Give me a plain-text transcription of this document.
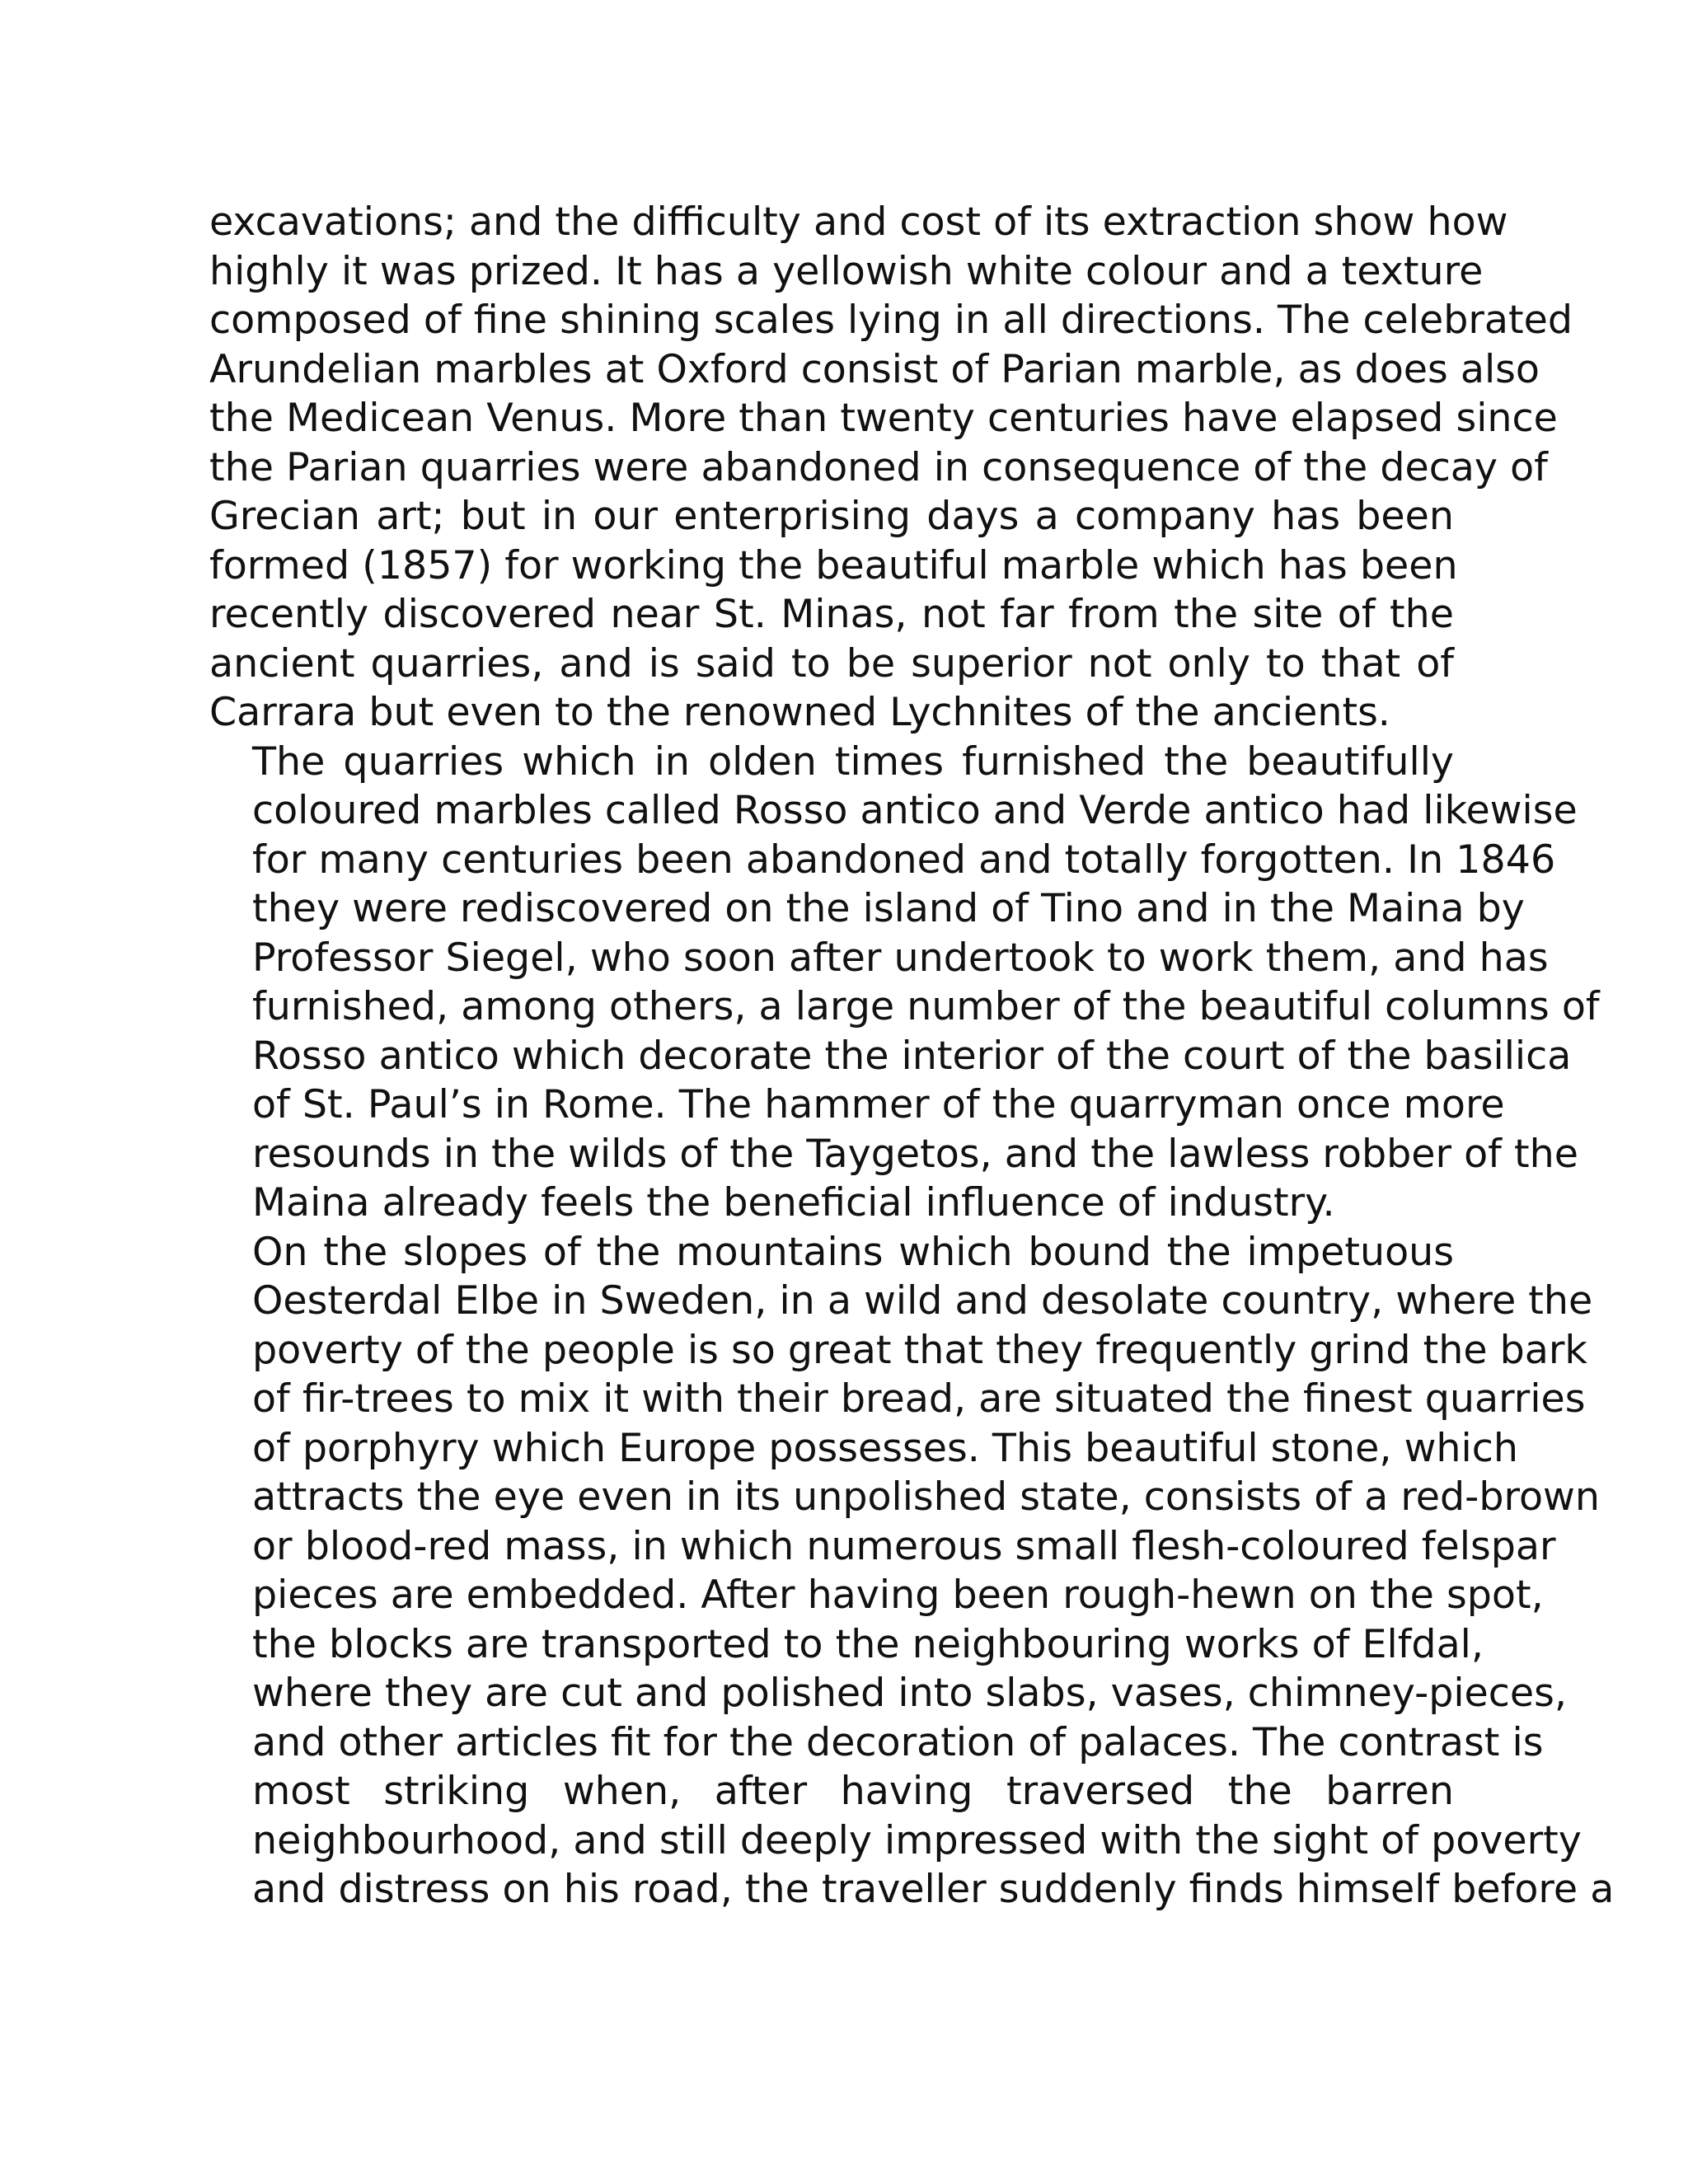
excavations; and the difficulty and cost of its extraction show how
highly it was prized. It has a yellowish white colour and a texture
composed of fine shining scales lying in all directions. The celebrated
Arundelian marbles at Oxford consist of Parian marble, as does also
the Medicean Venus. More than twenty centuries have elapsed since
the Parian quarries were abandoned in consequence of the decay of
Grecian art; but in our enterprising days a company has been
formed (1857) for working the beautiful marble which has been
recently discovered near St. Minas, not far from the site of the
ancient quarries, and is said to be superior not only to that of
Carrara but even to the renowned Lychnites of the ancients.

The quarries which in olden times furnished the beautifully
coloured marbles called Rosso antico and Verde antico had likewise
for many centuries been abandoned and totally forgotten. In 1846
they were rediscovered on the island of Tino and in the Maina by
Professor Siegel, who soon after undertook to work them, and has
furnished, among others, a large number of the beautiful columns of
Rosso antico which decorate the interior of the court of the basilica
of St. Paul’s in Rome. The hammer of the quarryman once more
resounds in the wilds of the Taygetos, and the lawless robber of the
Maina already feels the beneficial influence of industry.

On the slopes of the mountains which bound the impetuous
Oesterdal Elbe in Sweden, in a wild and desolate country, where the
poverty of the people is so great that they frequently grind the bark
of fir-trees to mix it with their bread, are situated the finest quarries
of porphyry which Europe possesses. This beautiful stone, which
attracts the eye even in its unpolished state, consists of a red-brown
or blood-red mass, in which numerous small flesh-coloured felspar
pieces are embedded. After having been rough-hewn on the spot,
the blocks are transported to the neighbouring works of Elfdal,
where they are cut and polished into slabs, vases, chimney-pieces,
and other articles fit for the decoration of palaces. The contrast is
most striking when, after having traversed the barren
neighbourhood, and still deeply impressed with the sight of poverty
and distress on his road, the traveller suddenly finds himself before a
